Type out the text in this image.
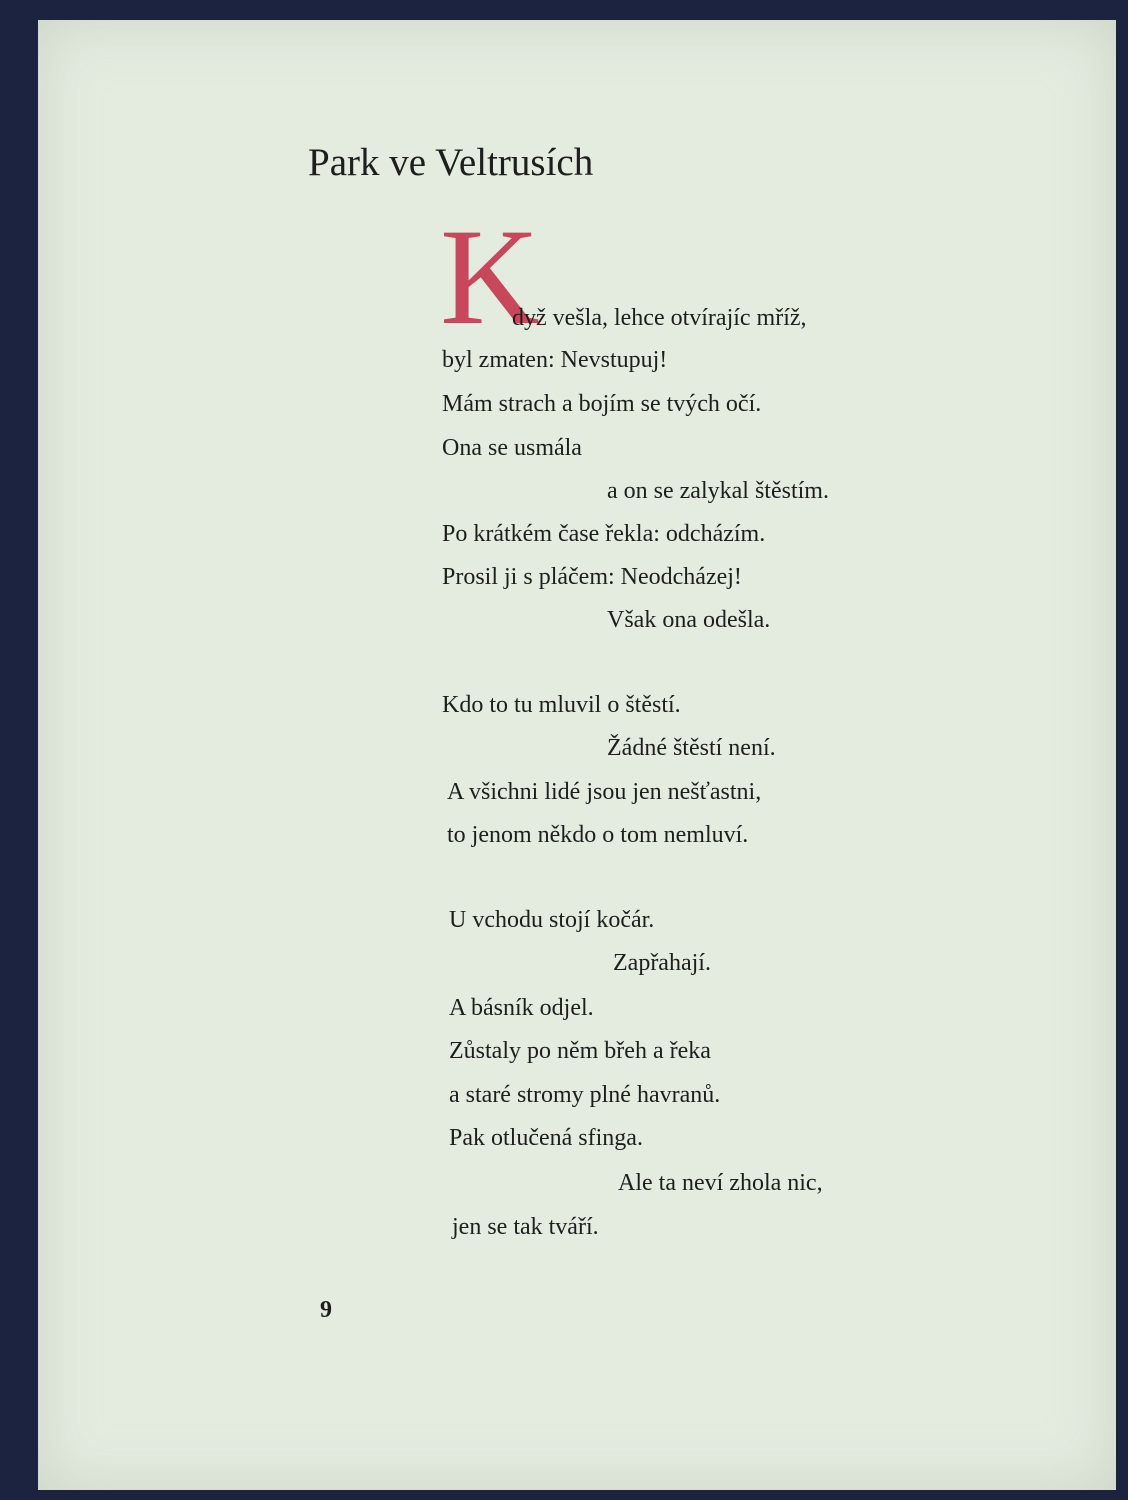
Park ve Veltrusích
K
dyž vešla, lehce otvírajíc mříž,
byl zmaten: Nevstupuj!
Mám strach a bojím se tvých očí.
Ona se usmála
a on se zalykal štěstím.
Po krátkém čase řekla: odcházím.
Prosil ji s pláčem: Neodcházej!
Však ona odešla.
Kdo to tu mluvil o štěstí.
Žádné štěstí není.
A všichni lidé jsou jen nešťastni,
to jenom někdo o tom nemluví.
U vchodu stojí kočár.
Zapřahají.
A básník odjel.
Zůstaly po něm břeh a řeka
a staré stromy plné havranů.
Pak otlučená sfinga.
Ale ta neví zhola nic,
jen se tak tváří.
9
